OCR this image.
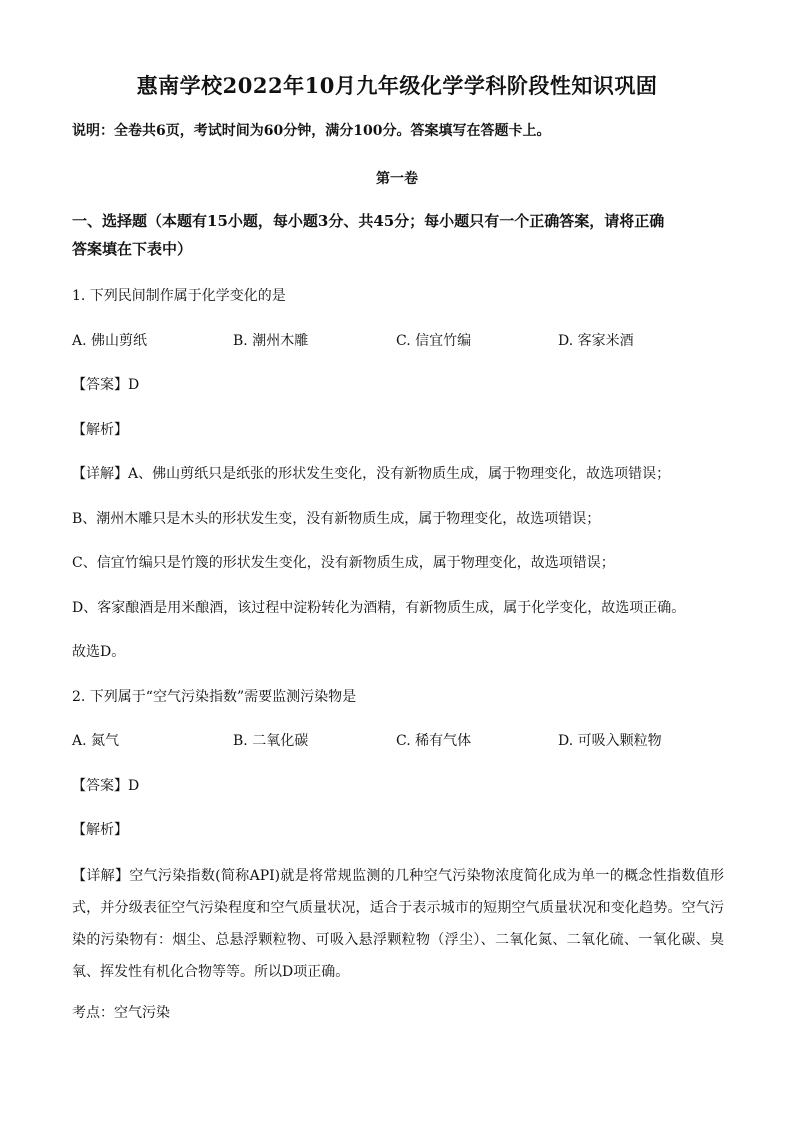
惠南学校2022年10月九年级化学学科阶段性知识巩固
说明：全卷共6页，考试时间为60分钟，满分100分。答案填写在答题卡上。
第一卷
一、选择题（本题有15小题，每小题3分、共45分；每小题只有一个正确答案，请将正确
答案填在下表中）
1. 下列民间制作属于化学变化的是
A. 佛山剪纸	B. 潮州木雕	C. 信宜竹编	D. 客家米酒
【答案】D
【解析】
【详解】A、佛山剪纸只是纸张的形状发生变化，没有新物质生成，属于物理变化，故选项错误；
B、潮州木雕只是木头的形状发生变，没有新物质生成，属于物理变化，故选项错误；
C、信宜竹编只是竹篾的形状发生变化，没有新物质生成，属于物理变化，故选项错误；
D、客家酿酒是用米酿酒，该过程中淀粉转化为酒精，有新物质生成，属于化学变化，故选项正确。
故选D。
2. 下列属于“空气污染指数”需要监测污染物是
A. 氮气	B. 二氧化碳	C. 稀有气体	D. 可吸入颗粒物
【答案】D
【解析】
【详解】空气污染指数(简称API)就是将常规监测的几种空气污染物浓度简化成为单一的概念性指数值形式，并分级表征空气污染程度和空气质量状况，适合于表示城市的短期空气质量状况和变化趋势。空气污染的污染物有：烟尘、总悬浮颗粒物、可吸入悬浮颗粒物（浮尘）、二氧化氮、二氧化硫、一氧化碳、臭氧、挥发性有机化合物等等。所以D项正确。
考点：空气污染
